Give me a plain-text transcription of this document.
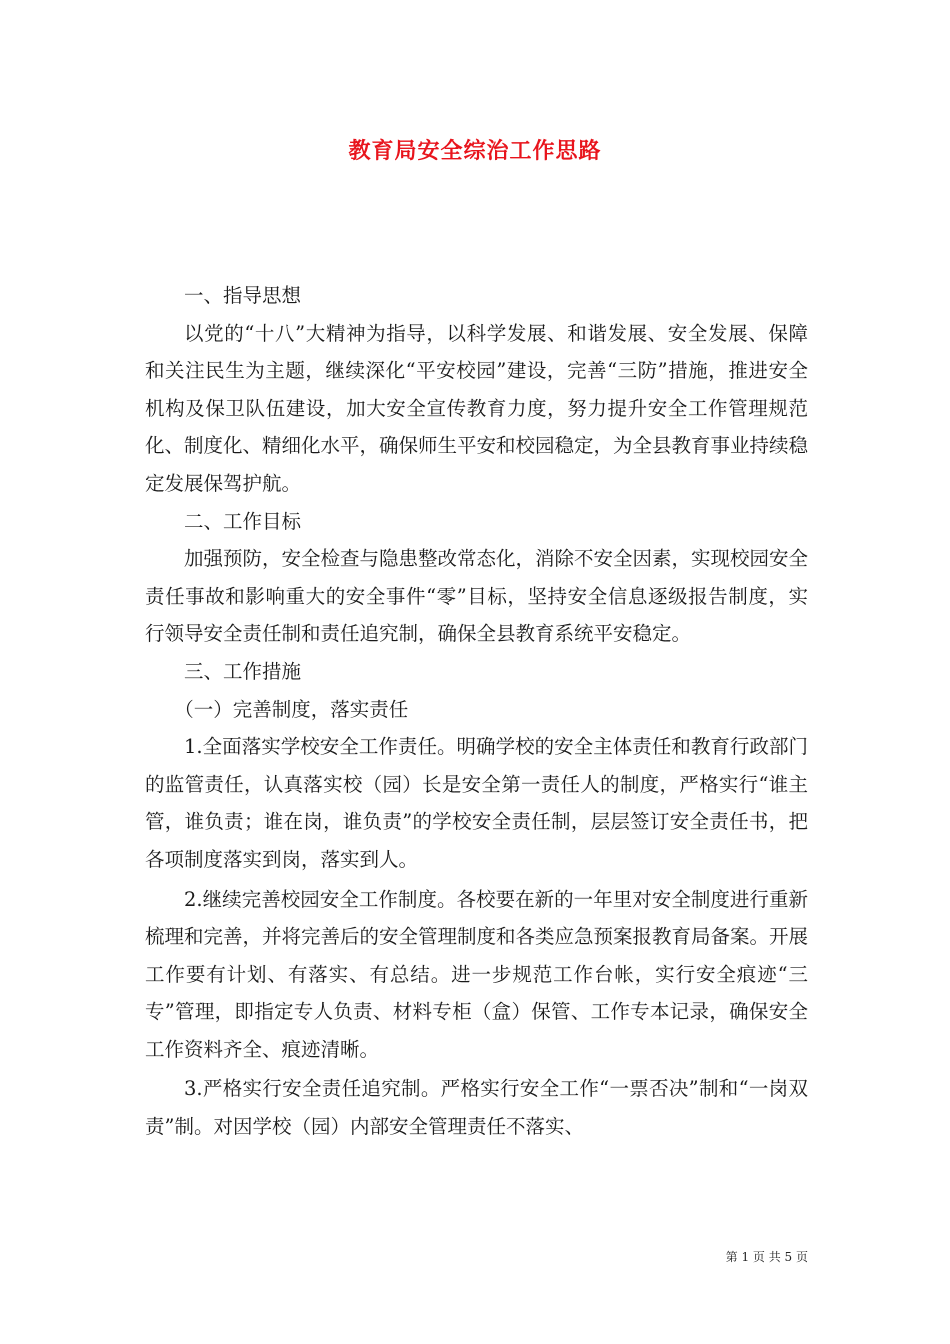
教育局安全综治工作思路

一、指导思想

以党的“十八”大精神为指导，以科学发展、和谐发展、安全发展、保障和关注民生为主题，继续深化“平安校园”建设，完善“三防”措施，推进安全机构及保卫队伍建设，加大安全宣传教育力度，努力提升安全工作管理规范化、制度化、精细化水平，确保师生平安和校园稳定，为全县教育事业持续稳定发展保驾护航。

二、工作目标

加强预防，安全检查与隐患整改常态化，消除不安全因素，实现校园安全责任事故和影响重大的安全事件“零”目标，坚持安全信息逐级报告制度，实行领导安全责任制和责任追究制，确保全县教育系统平安稳定。

三、工作措施

（一）完善制度，落实责任

1.全面落实学校安全工作责任。明确学校的安全主体责任和教育行政部门的监管责任，认真落实校（园）长是安全第一责任人的制度，严格实行“谁主管，谁负责；谁在岗，谁负责”的学校安全责任制，层层签订安全责任书，把各项制度落实到岗，落实到人。

2.继续完善校园安全工作制度。各校要在新的一年里对安全制度进行重新梳理和完善，并将完善后的安全管理制度和各类应急预案报教育局备案。开展工作要有计划、有落实、有总结。进一步规范工作台帐，实行安全痕迹“三专”管理，即指定专人负责、材料专柜（盒）保管、工作专本记录，确保安全工作资料齐全、痕迹清晰。

3.严格实行安全责任追究制。严格实行安全工作“一票否决”制和“一岗双责”制。对因学校（园）内部安全管理责任不落实、

第 1 页 共 5 页
